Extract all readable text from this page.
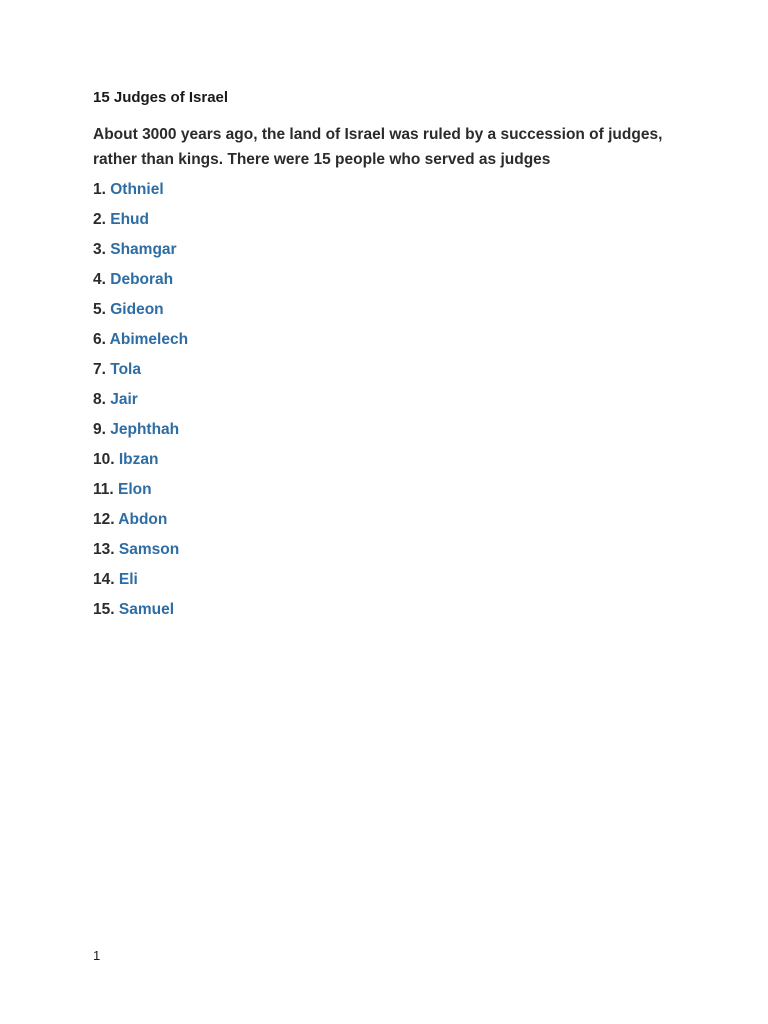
15 Judges of Israel
About 3000 years ago, the land of Israel was ruled by a succession of judges, rather than kings. There were 15 people who served as judges
1. Othniel
2. Ehud
3. Shamgar
4. Deborah
5. Gideon
6. Abimelech
7. Tola
8. Jair
9. Jephthah
10. Ibzan
11. Elon
12. Abdon
13. Samson
14. Eli
15. Samuel
1
